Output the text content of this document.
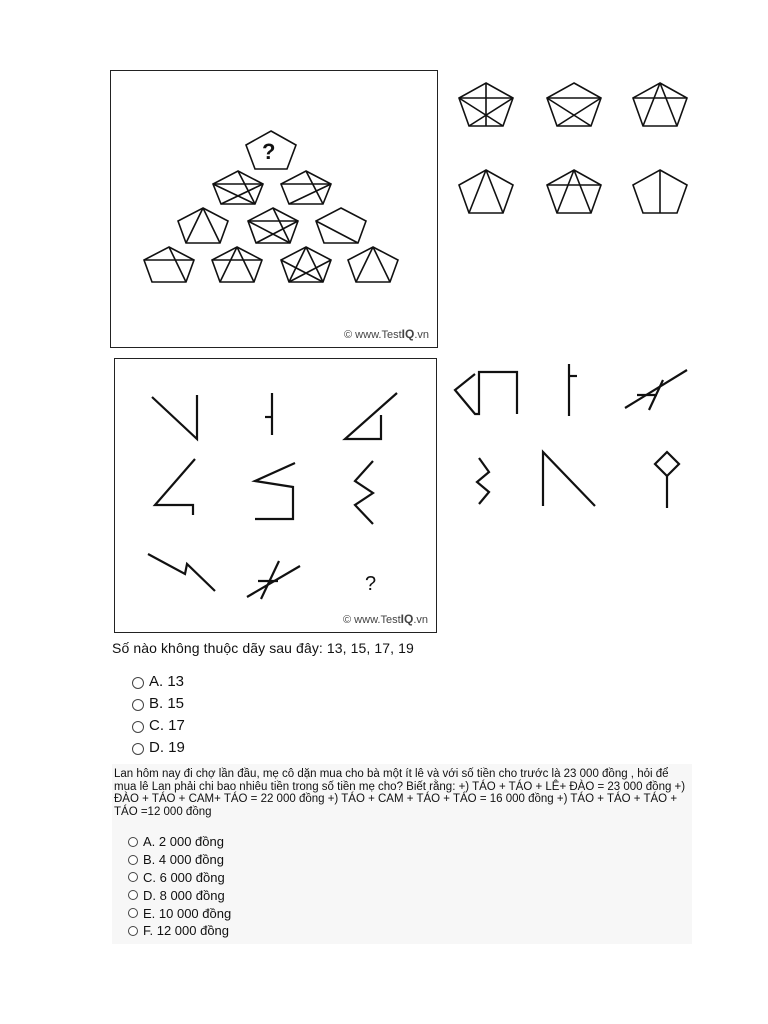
?
© www.TestIQ.vn
?
© www.TestIQ.vn
Số nào không thuộc dãy sau đây: 13, 15, 17, 19
A. 13
B. 15
C. 17
D. 19
Lan hôm nay đi chợ lần đầu, mẹ cô dặn mua cho bà một ít lê và với số tiền cho trước là 23 000 đồng , hỏi để mua lê Lan phải chi bao nhiêu tiền trong số tiền mẹ cho? Biết rằng: +) TÁO + TÁO + LÊ+ ĐÀO = 23 000 đồng +) ĐÀO + TÁO + CAM+ TÁO = 22 000 đồng +) TÁO + CAM + TÁO + TÁO = 16 000 đồng +) TÁO + TÁO + TÁO + TÁO =12 000 đồng
A. 2 000 đồng
B. 4 000 đồng
C. 6 000 đồng
D. 8 000 đồng
E. 10 000 đồng
F. 12 000 đồng
